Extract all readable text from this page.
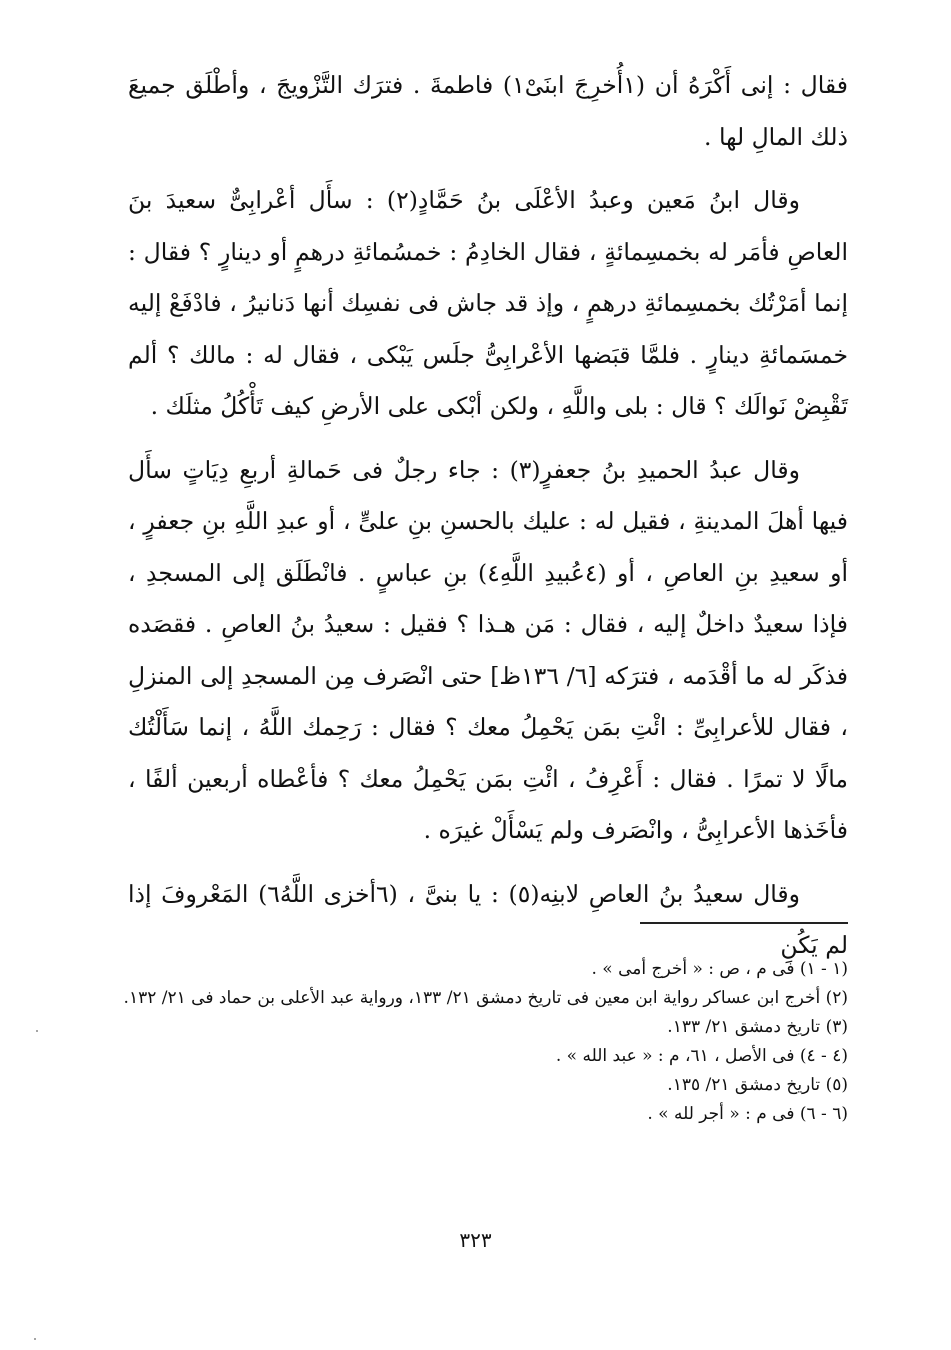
فقال : إنى أَكْرَهُ أن (١أُخرِجَ ابنَىْ١) فاطمةَ . فترَك التَّزْويجَ ، وأطْلَق جميعَ ذلك المالِ لها .

وقال ابنُ مَعين وعبدُ الأعْلَى بنُ حَمَّادٍ(٢) : سأَل أعْرابِىٌّ سعيدَ بنَ العاصِ فأمَر له بخمسِمائةٍ ، فقال الخادِمُ : خمسُمائةِ درهمٍ أو دينارٍ ؟ فقال : إنما أمَرْتُك بخمسِمائةِ درهمٍ ، وإذ قد جاش فى نفسِك أنها دَنانيرُ ، فادْفَعْ إليه خمسَمائةِ دينارٍ . فلمَّا قبَضها الأعْرابِىُّ جلَس يَبْكى ، فقال له : مالك ؟ ألم تَقْبِضْ نَوالَك ؟ قال : بلى واللَّهِ ، ولكن أبْكى على الأرضِ كيف تَأْكُلُ مثلَك .

وقال عبدُ الحميدِ بنُ جعفرٍ(٣) : جاء رجلٌ فى حَمالةِ أربعِ دِيَاتٍ سأَل فيها أهلَ المدينةِ ، فقيل له : عليك بالحسنِ بنِ علىٍّ ، أو عبدِ اللَّهِ بنِ جعفرٍ ، أو سعيدِ بنِ العاصِ ، أو (٤عُبيدِ اللَّهِ٤) بنِ عباسٍ . فانْطَلَق إلى المسجدِ ، فإذا سعيدٌ داخلٌ إليه ، فقال : مَن هـذا ؟ فقيل : سعيدُ بنُ العاصِ . فقصَده فذكَر له ما أقْدَمه ، فترَكه [٦/ ١٣٦ظ] حتى انْصَرف مِن المسجدِ إلى المنزلِ ، فقال للأعرابِىِّ : ائْتِ بمَن يَحْمِلُ معك ؟ فقال : رَحِمك اللَّهُ ، إنما سَأَلْتُك مالًا لا تمرًا . فقال : أَعْرِفُ ، ائْتِ بمَن يَحْمِلُ معك ؟ فأعْطاه أربعين ألفًا ، فأخَذها الأعرابِىُّ ، وانْصَرف ولم يَسْأَلْ غيرَه .

وقال سعيدُ بنُ العاصِ لابنِه(٥) : يا بنىَّ ، (٦أخزى اللَّهُ٦) المَعْروفَ إذا لم يَكُنِ

(١ - ١) فى م ، ص : « أخرج أمى » .

(٢) أخرج ابن عساكر رواية ابن معين فى تاريخ دمشق ٢١/ ١٣٣، ورواية عبد الأعلى بن حماد فى ٢١/ ١٣٢.

(٣) تاريخ دمشق ٢١/ ١٣٣.

(٤ - ٤) فى الأصل ، ٦١، م : « عبد الله » .

(٥) تاريخ دمشق ٢١/ ١٣٥.

(٦ - ٦) فى م : « أجر لله » .

٣٢٣
